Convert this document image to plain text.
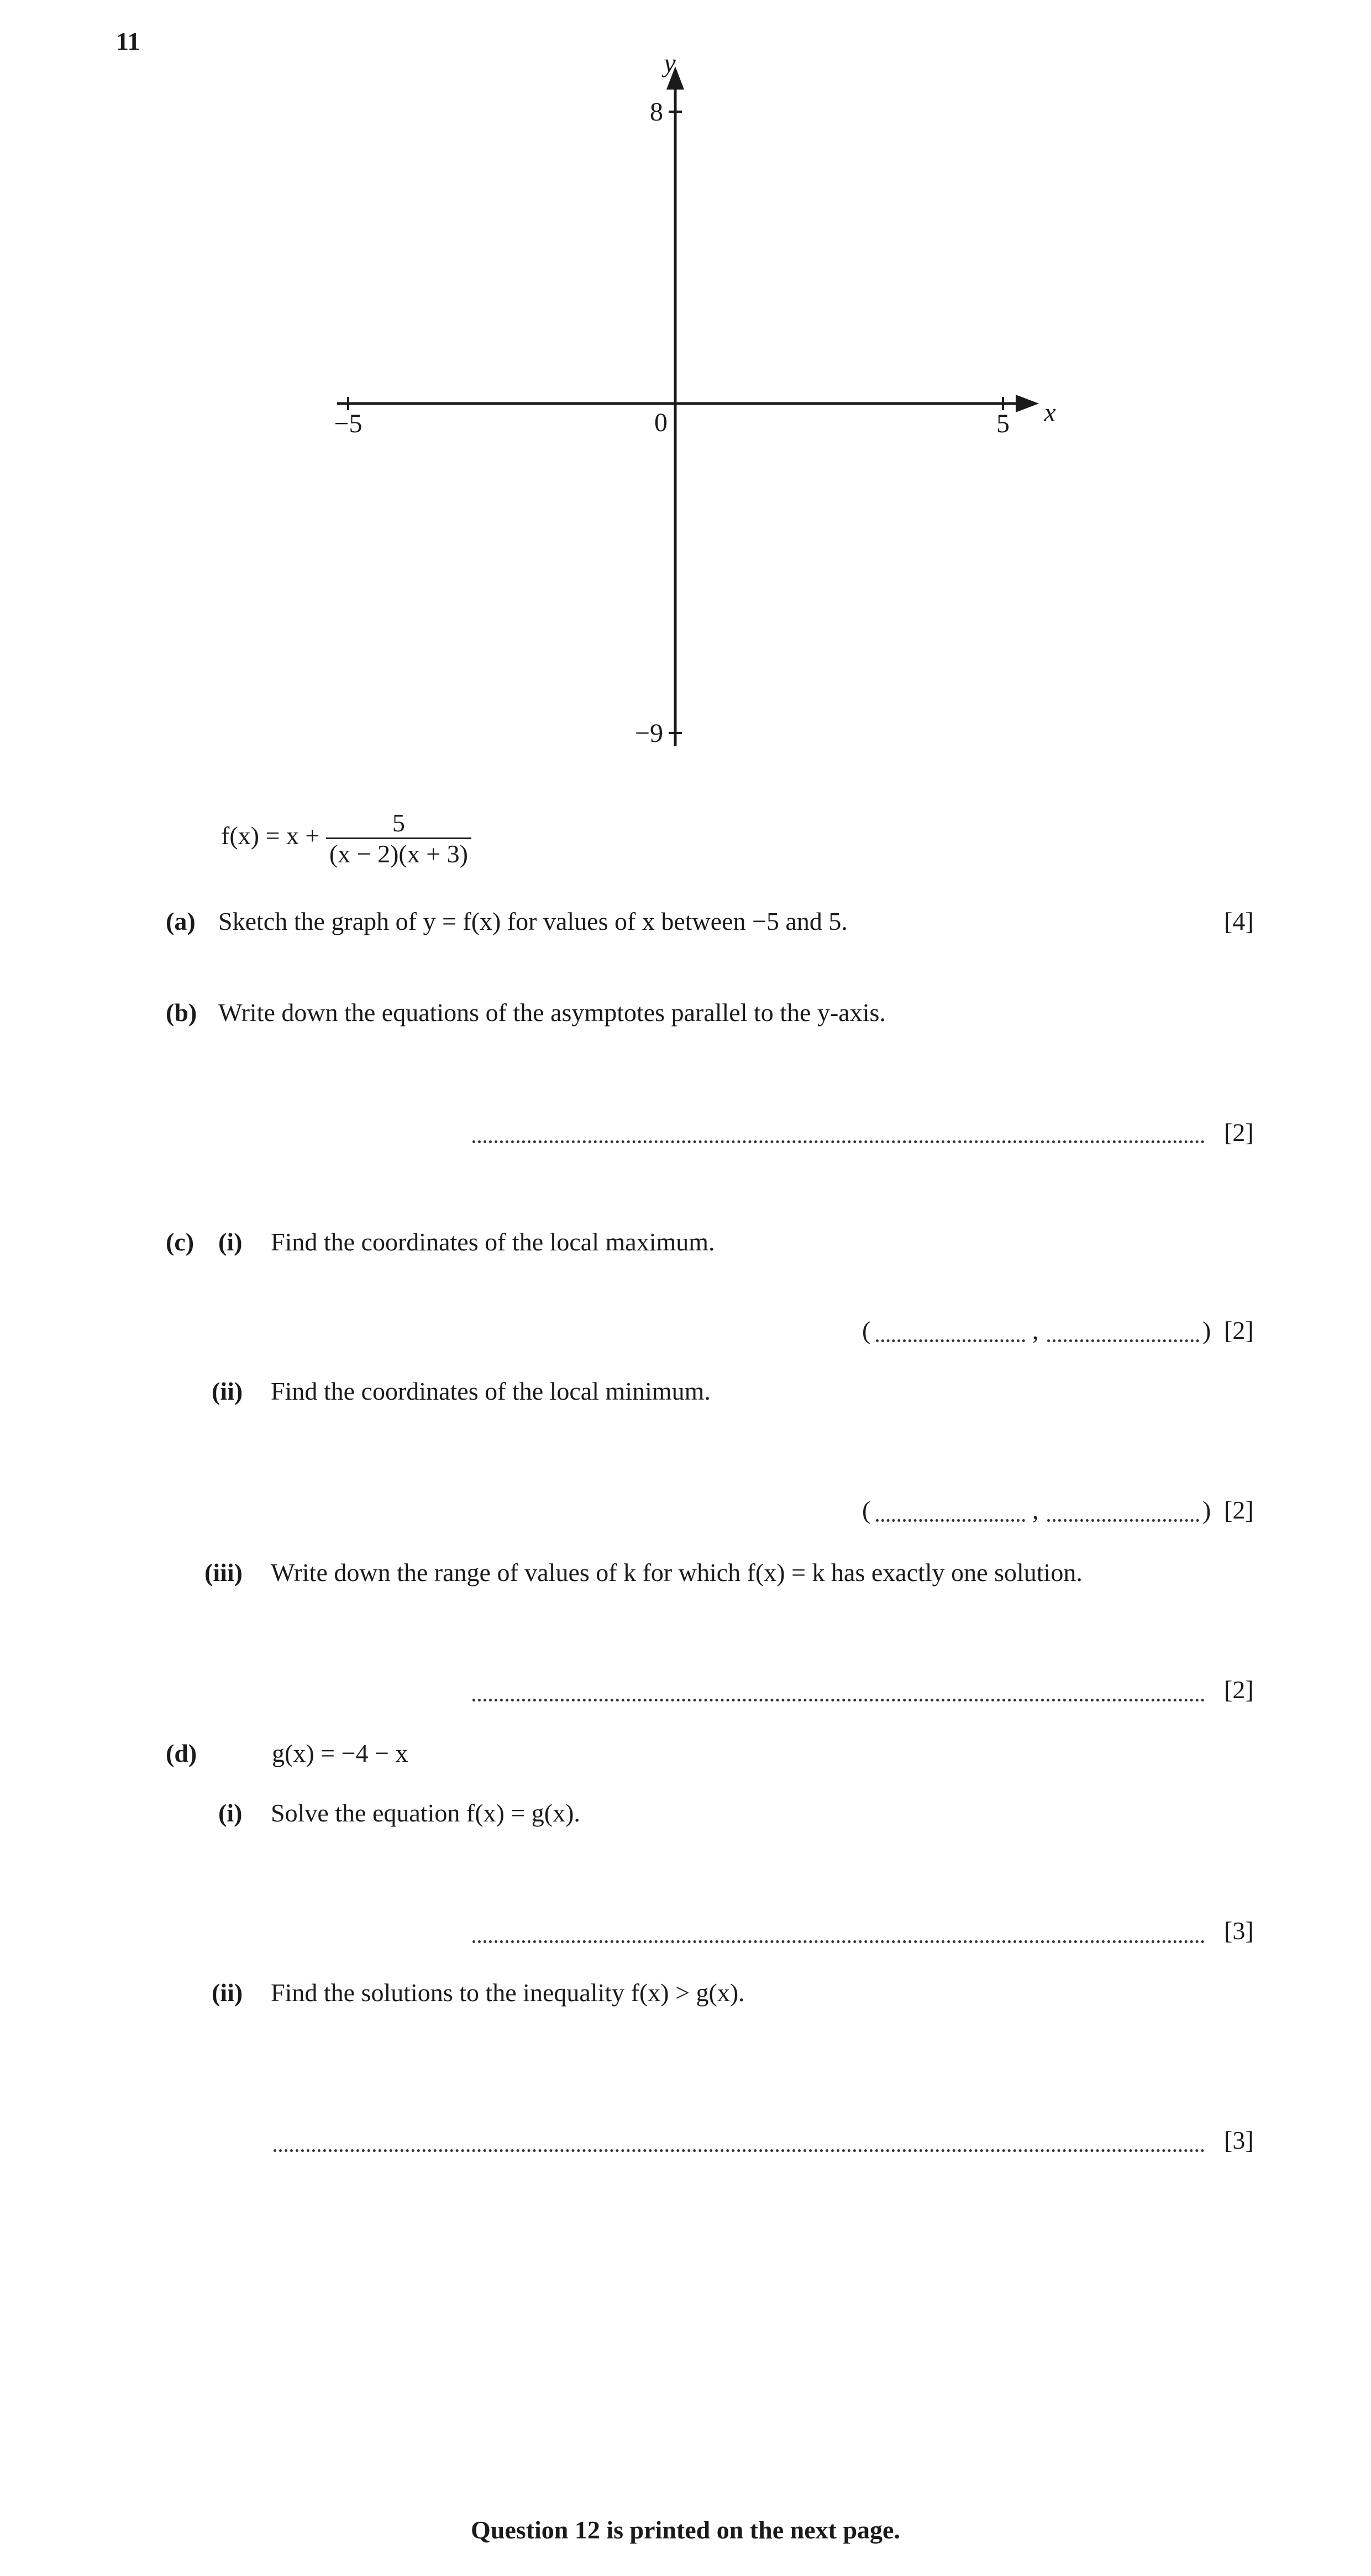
11
y
x
8
−9
0
−5	5
$f(x) = x + \frac{5}{(x - 2)(x + 3)}$
(a) Sketch the graph of y = f(x) for values of x between −5 and 5.	[4]
(b) Write down the equations of the asymptotes parallel to the y-axis.
[2]
(c) (i) Find the coordinates of the local maximum.
(	,	) [2]
(ii) Find the coordinates of the local minimum.
(	,	) [2]
(iii) Write down the range of values of k for which f(x) = k has exactly one solution.
[2]
(d)	g(x) = −4 − x
(i) Solve the equation f(x) = g(x).
[3]
(ii) Find the solutions to the inequality f(x) > g(x).
[3]
Question 12 is printed on the next page.
